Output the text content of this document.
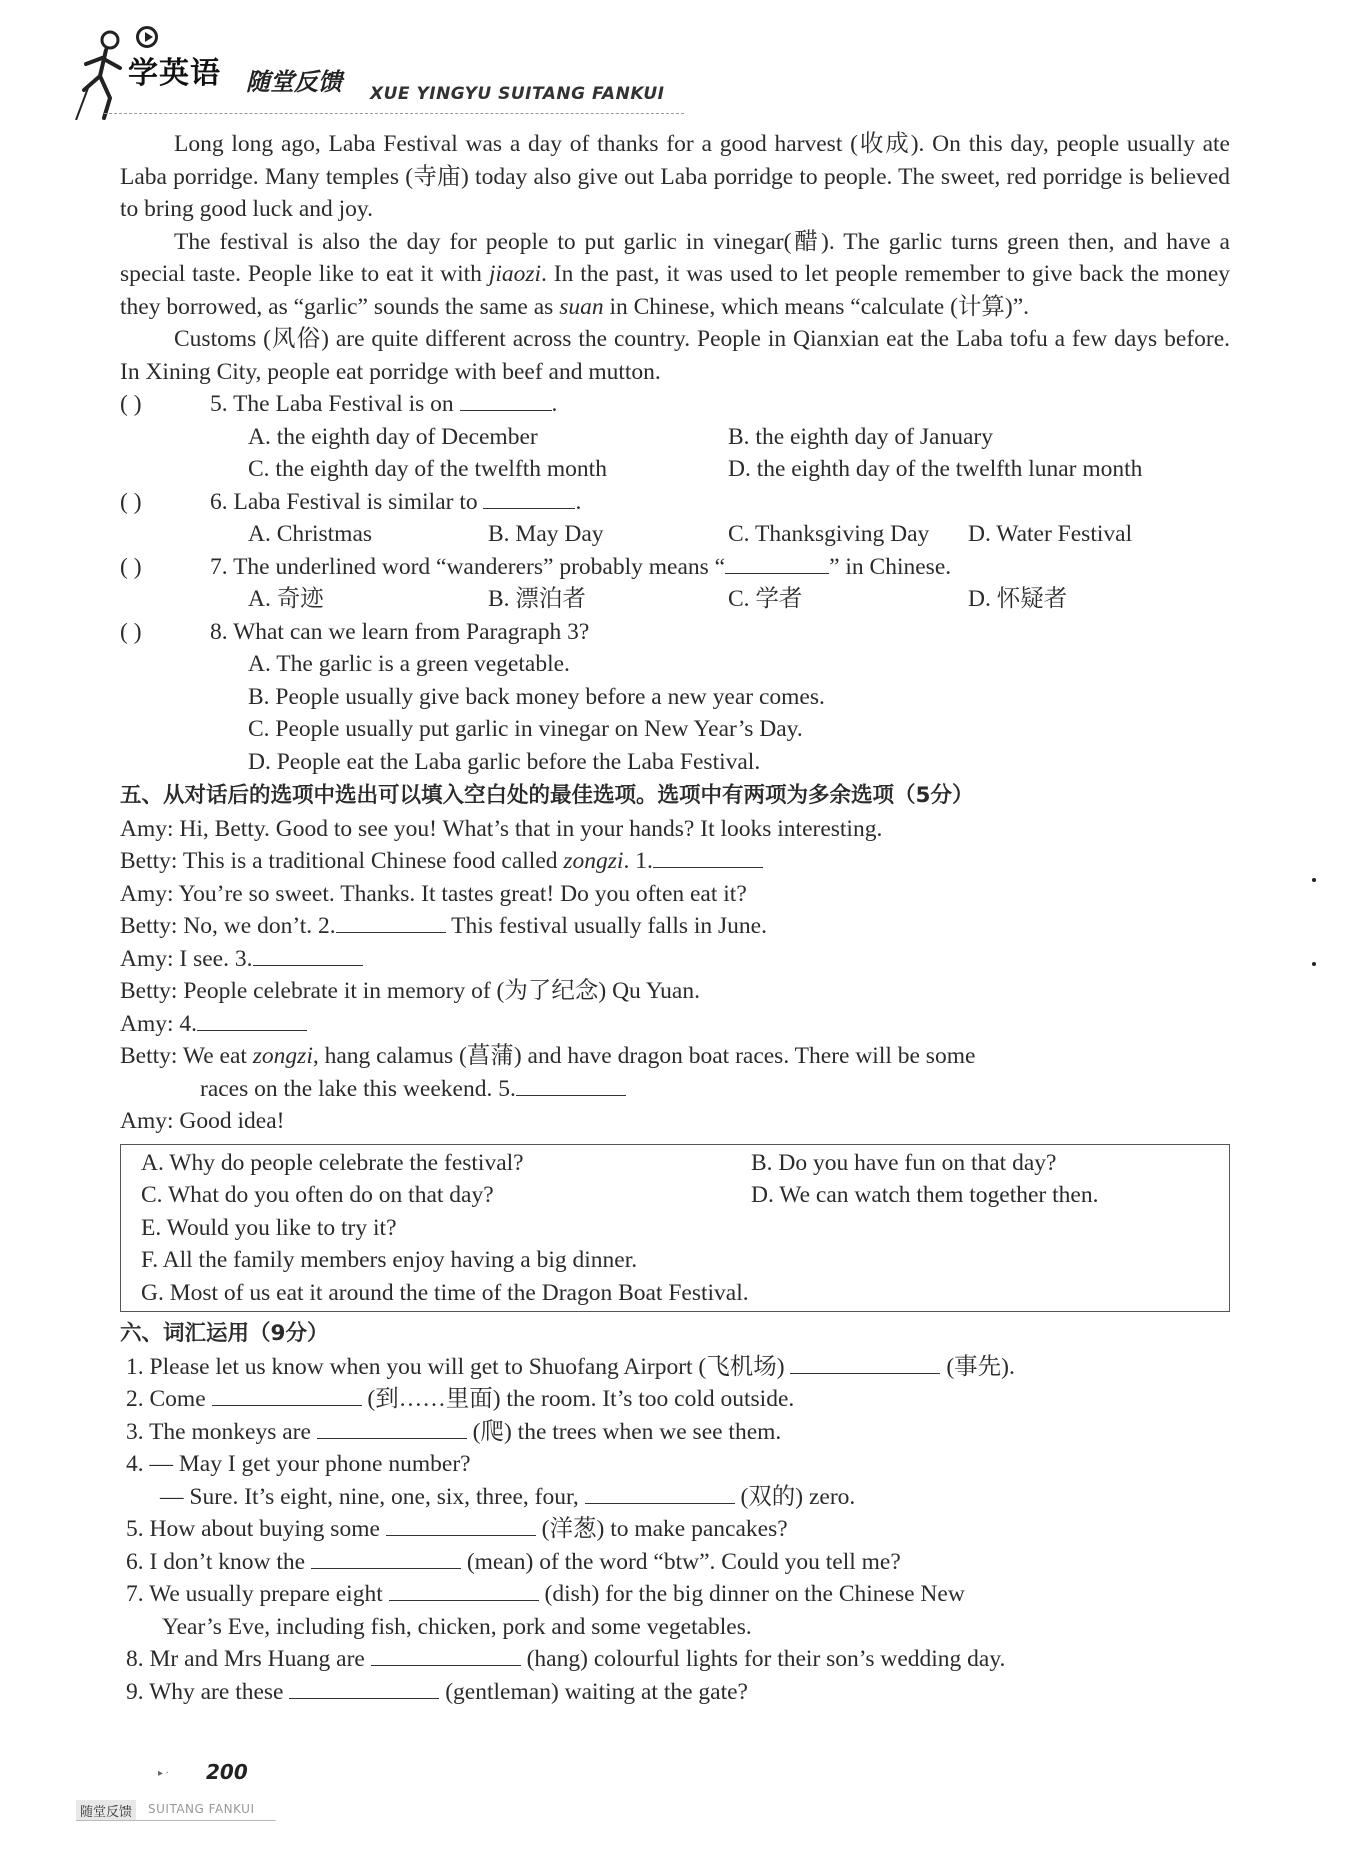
学英语 随堂反馈 XUE YINGYU SUITANG FANKUI

Long long ago, Laba Festival was a day of thanks for a good harvest (收成). On this day, people usually ate Laba porridge. Many temples (寺庙) today also give out Laba porridge to people. The sweet, red porridge is believed to bring good luck and joy.

The festival is also the day for people to put garlic in vinegar(醋). The garlic turns green then, and have a special taste. People like to eat it with jiaozi. In the past, it was used to let people remember to give back the money they borrowed, as “garlic” sounds the same as suan in Chinese, which means “calculate (计算)”.

Customs (风俗) are quite different across the country. People in Qianxian eat the Laba tofu a few days before. In Xining City, people eat porridge with beef and mutton.

( )	5. The Laba Festival is on	.

A. the eighth day of December	B. the eighth day of January
C. the eighth day of the twelfth month	D. the eighth day of the twelfth lunar month

( )	6. Laba Festival is similar to	.

A. Christmas	B. May Day	C. Thanksgiving Day	D. Water Festival

( )	7. The underlined word “wanderers” probably means “	” in Chinese.

A. 奇迹	B. 漂泊者	C. 学者	D. 怀疑者

( )	8. What can we learn from Paragraph 3?

A. The garlic is a green vegetable.

B. People usually give back money before a new year comes.

C. People usually put garlic in vinegar on New Year’s Day.

D. People eat the Laba garlic before the Laba Festival.

五、从对话后的选项中选出可以填入空白处的最佳选项。选项中有两项为多余选项（5分）

Amy: Hi, Betty. Good to see you! What’s that in your hands? It looks interesting.

Betty: This is a traditional Chinese food called zongzi. 1.

Amy: You’re so sweet. Thanks. It tastes great! Do you often eat it?

Betty: No, we don’t. 2.	This festival usually falls in June.

Amy: I see. 3.

Betty: People celebrate it in memory of (为了纪念) Qu Yuan.

Amy: 4.

Betty: We eat zongzi, hang calamus (菖蒲) and have dragon boat races. There will be some

races on the lake this weekend. 5.

Amy: Good idea!

A. Why do people celebrate the festival?	B. Do you have fun on that day?
C. What do you often do on that day?	D. We can watch them together then.
E. Would you like to try it?
F. All the family members enjoy having a big dinner.
G. Most of us eat it around the time of the Dragon Boat Festival.

六、词汇运用（9分）

1. Please let us know when you will get to Shuofang Airport (飞机场)	(事先).

2. Come	(到……里面) the room. It’s too cold outside.

3. The monkeys are	(爬) the trees when we see them.

4. — May I get your phone number?

— Sure. It’s eight, nine, one, six, three, four,	(双的) zero.

5. How about buying some	(洋葱) to make pancakes?

6. I don’t know the	(mean) of the word “btw”. Could you tell me?

7. We usually prepare eight	(dish) for the big dinner on the Chinese New

Year’s Eve, including fish, chicken, pork and some vegetables.

8. Mr and Mrs Huang are	(hang) colourful lights for their son’s wedding day.

9. Why are these	(gentleman) waiting at the gate?

▸ · 200
随堂反馈	SUITANG FANKUI
